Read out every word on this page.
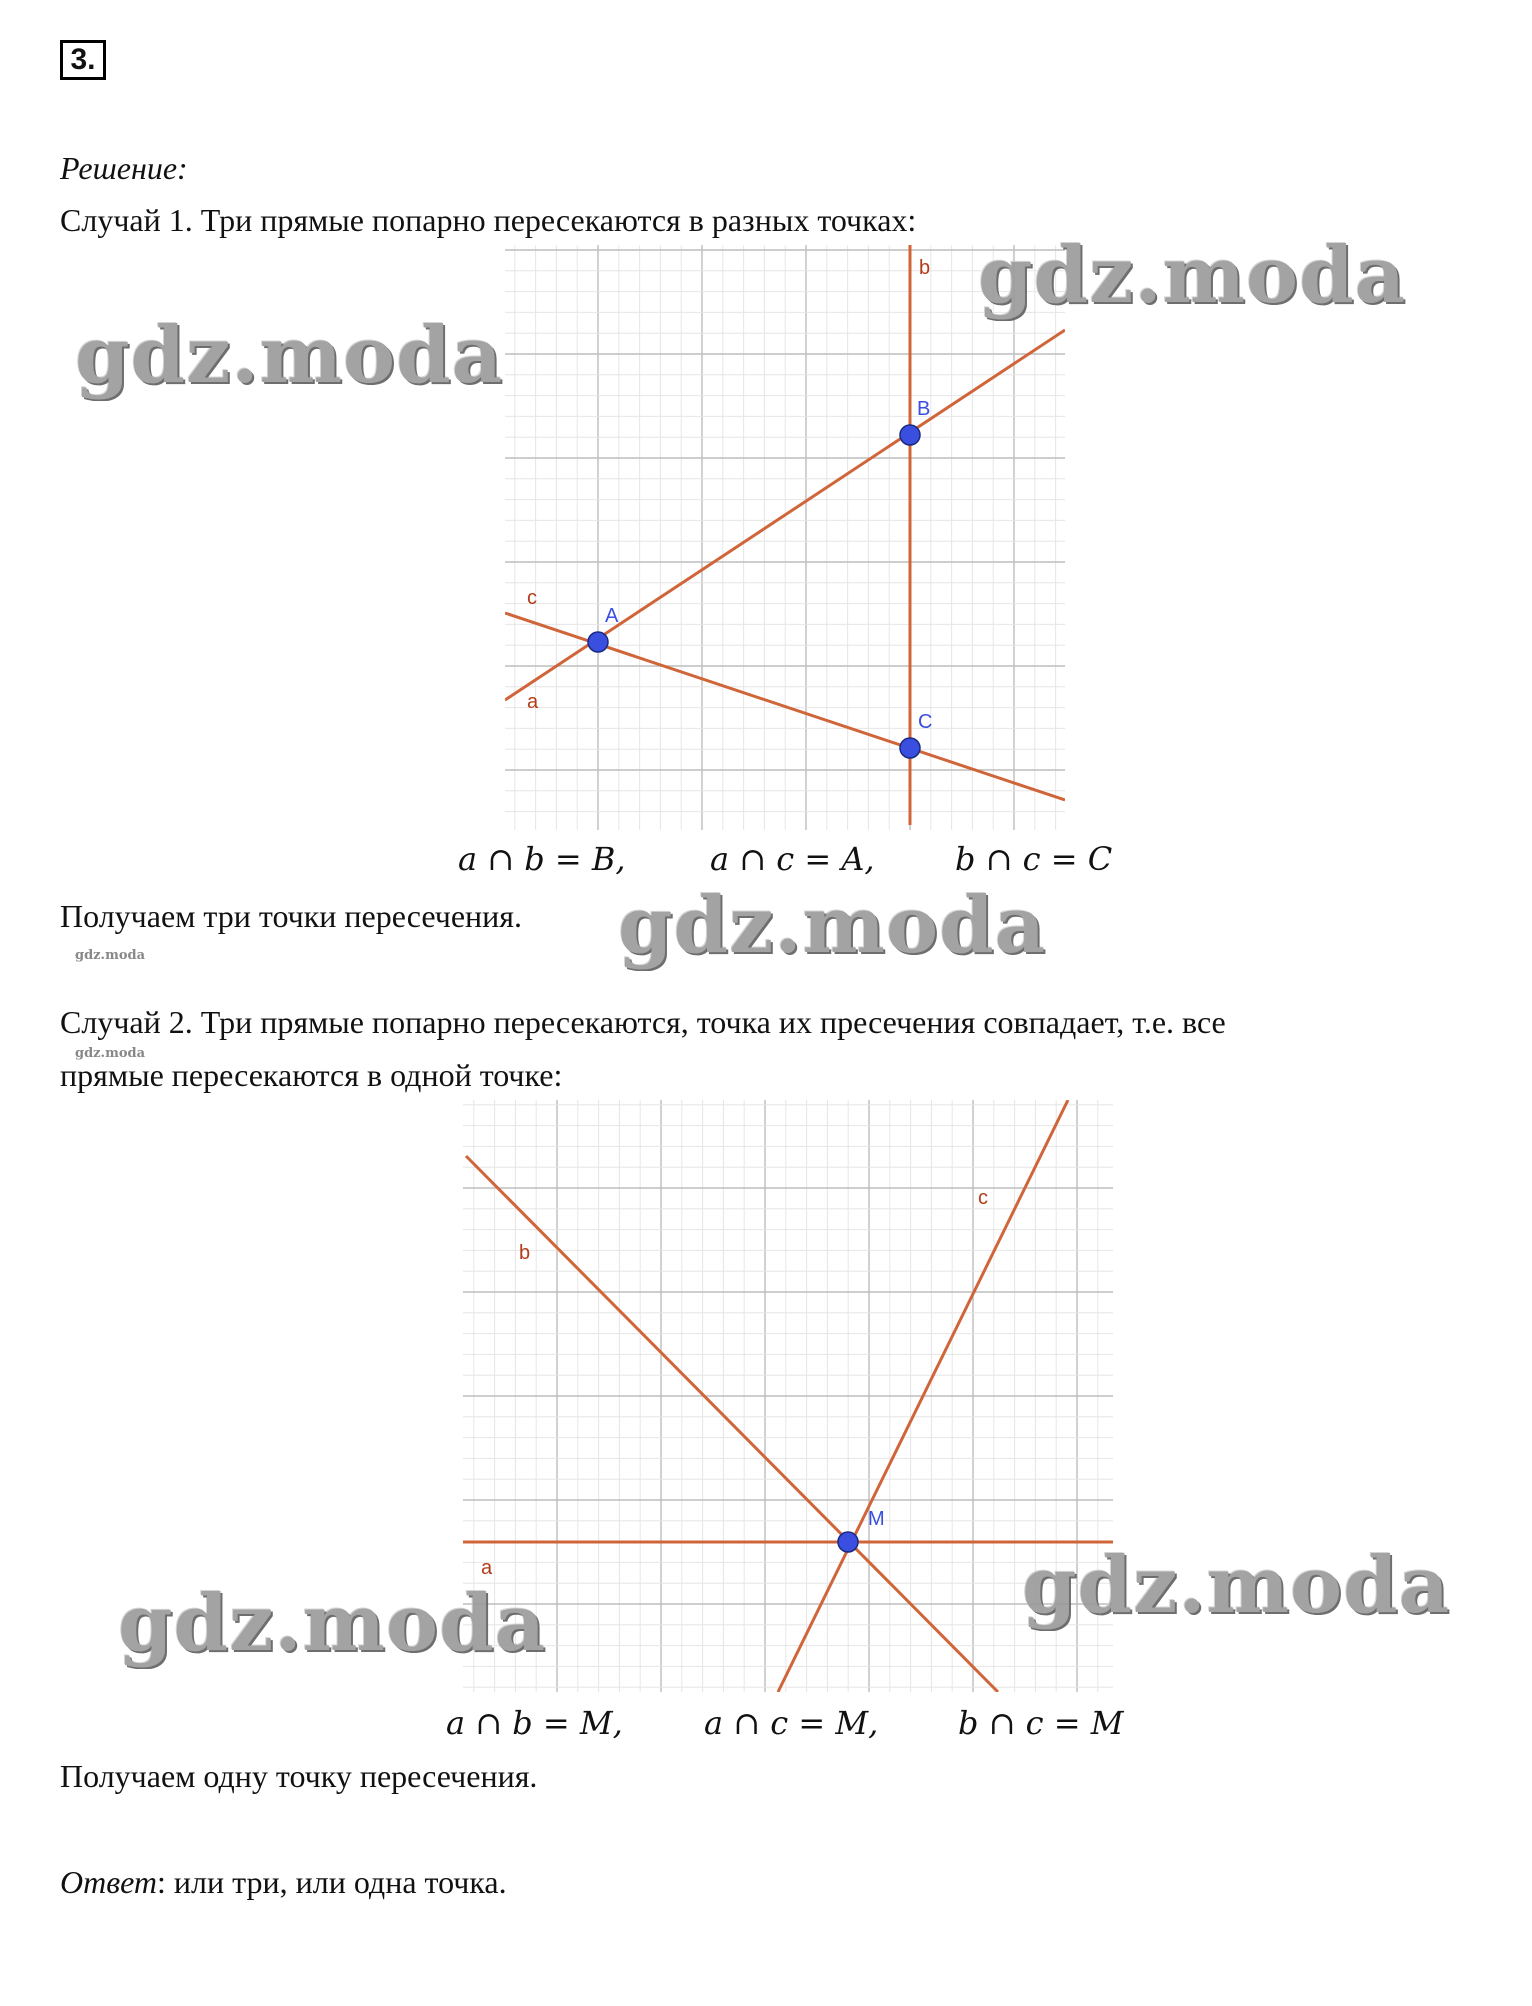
3.
Решение:
Случай 1. Три прямые попарно пересекаются в разных точках:
b
c
a
A
B
C
a ∩ b = B,	a ∩ c = A,	b ∩ c = C
Получаем три точки пересечения.
Случай 2. Три прямые попарно пересекаются, точка их пресечения совпадает, т.е. все
прямые пересекаются в одной точке:
b
c
a
M
a ∩ b = M,	a ∩ c = M, b ∩ c = M
Получаем одну точку пересечения.
Ответ: или три, или одна точка.
gdz.moda
gdz.moda
gdz.moda
gdz.moda
gdz.moda
gdz.moda
gdz.moda
